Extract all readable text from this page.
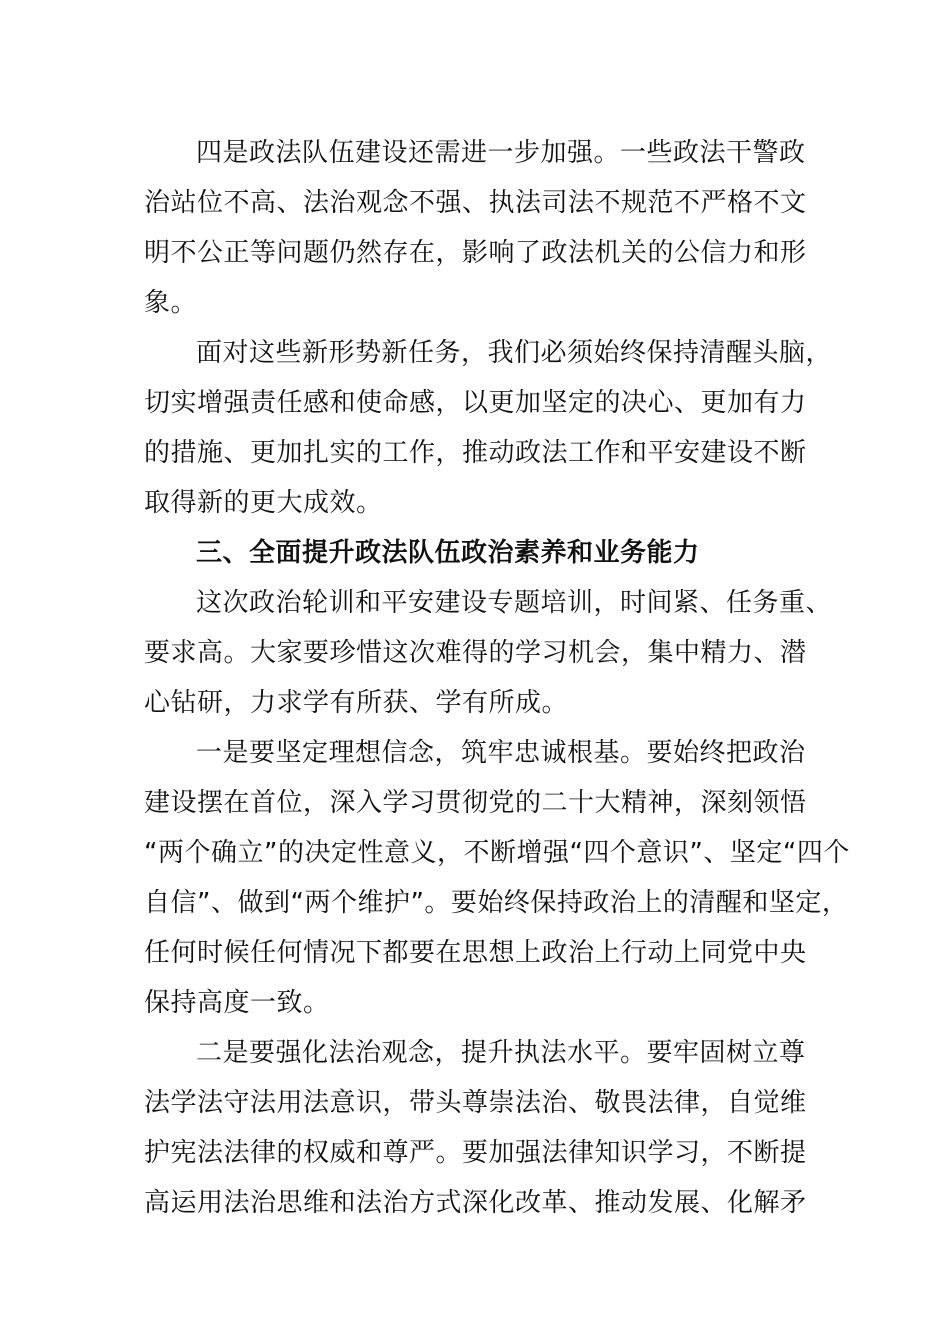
四是政法队伍建设还需进一步加强。一些政法干警政
治站位不高、法治观念不强、执法司法不规范不严格不文
明不公正等问题仍然存在，影响了政法机关的公信力和形
象。
面对这些新形势新任务，我们必须始终保持清醒头脑，
切实增强责任感和使命感，以更加坚定的决心、更加有力
的措施、更加扎实的工作，推动政法工作和平安建设不断
取得新的更大成效。
三、全面提升政法队伍政治素养和业务能力
这次政治轮训和平安建设专题培训，时间紧、任务重、
要求高。大家要珍惜这次难得的学习机会，集中精力、潜
心钻研，力求学有所获、学有所成。
一是要坚定理想信念，筑牢忠诚根基。要始终把政治
建设摆在首位，深入学习贯彻党的二十大精神，深刻领悟
“两个确立”的决定性意义，不断增强“四个意识”、坚定“四个
自信”、做到“两个维护”。要始终保持政治上的清醒和坚定，
任何时候任何情况下都要在思想上政治上行动上同党中央
保持高度一致。
二是要强化法治观念，提升执法水平。要牢固树立尊
法学法守法用法意识，带头尊崇法治、敬畏法律，自觉维
护宪法法律的权威和尊严。要加强法律知识学习，不断提
高运用法治思维和法治方式深化改革、推动发展、化解矛
